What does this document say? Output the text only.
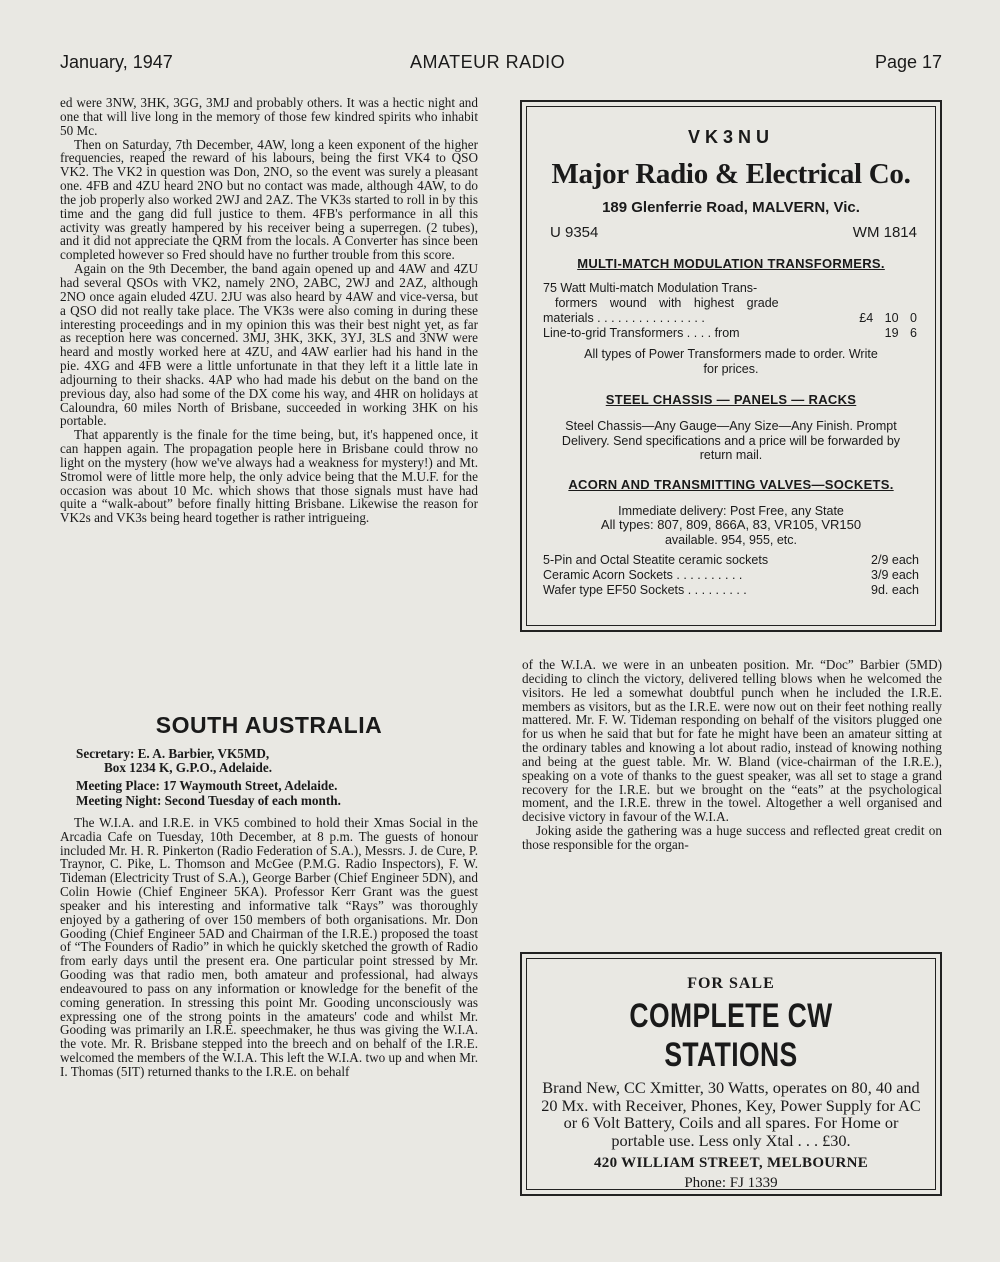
January, 1947	AMATEUR RADIO	Page 17

ed were 3NW, 3HK, 3GG, 3MJ and probably others. It was a hectic night and one that will live long in the memory of those few kindred spirits who inhabit 50 Mc.

Then on Saturday, 7th December, 4AW, long a keen exponent of the higher frequencies, reaped the reward of his labours, being the first VK4 to QSO VK2. The VK2 in question was Don, 2NO, so the event was surely a pleasant one. 4FB and 4ZU heard 2NO but no contact was made, although 4AW, to do the job properly also worked 2WJ and 2AZ. The VK3s started to roll in by this time and the gang did full justice to them. 4FB's performance in all this activity was greatly hampered by his receiver being a superregen. (2 tubes), and it did not appreciate the QRM from the locals. A Converter has since been completed however so Fred should have no further trouble from this score.

Again on the 9th December, the band again opened up and 4AW and 4ZU had several QSOs with VK2, namely 2NO, 2ABC, 2WJ and 2AZ, although 2NO once again eluded 4ZU. 2JU was also heard by 4AW and vice-versa, but a QSO did not really take place. The VK3s were also coming in during these interesting proceedings and in my opinion this was their best night yet, as far as reception here was concerned. 3MJ, 3HK, 3KK, 3YJ, 3LS and 3NW were heard and mostly worked here at 4ZU, and 4AW earlier had his hand in the pie. 4XG and 4FB were a little unfortunate in that they left it a little late in adjourning to their shacks. 4AP who had made his debut on the band on the previous day, also had some of the DX come his way, and 4HR on holidays at Caloundra, 60 miles North of Brisbane, succeeded in working 3HK on his portable.

That apparently is the finale for the time being, but, it's happened once, it can happen again. The propagation people here in Brisbane could throw no light on the mystery (how we've always had a weakness for mystery!) and Mt. Stromol were of little more help, the only advice being that the M.U.F. for the occasion was about 10 Mc. which shows that those signals must have had quite a “walk-about” before finally hitting Brisbane. Likewise the reason for VK2s and VK3s being heard together is rather intrigueing.

SOUTH AUSTRALIA
Secretary: E. A. Barbier, VK5MD,
Box 1234 K, G.P.O., Adelaide.
Meeting Place: 17 Waymouth Street, Adelaide.
Meeting Night: Second Tuesday of each month.

The W.I.A. and I.R.E. in VK5 combined to hold their Xmas Social in the Arcadia Cafe on Tuesday, 10th December, at 8 p.m. The guests of honour included Mr. H. R. Pinkerton (Radio Federation of S.A.), Messrs. J. de Cure, P. Traynor, C. Pike, L. Thomson and McGee (P.M.G. Radio Inspectors), F. W. Tideman (Electricity Trust of S.A.), George Barber (Chief Engineer 5DN), and Colin Howie (Chief Engineer 5KA). Professor Kerr Grant was the guest speaker and his interesting and informative talk “Rays” was thoroughly enjoyed by a gathering of over 150 members of both organisations. Mr. Don Gooding (Chief Engineer 5AD and Chairman of the I.R.E.) proposed the toast of “The Founders of Radio” in which he quickly sketched the growth of Radio from early days until the present era. One particular point stressed by Mr. Gooding was that radio men, both amateur and professional, had always endeavoured to pass on any information or knowledge for the benefit of the coming generation. In stressing this point Mr. Gooding unconsciously was expressing one of the strong points in the amateurs' code and whilst Mr. Gooding was primarily an I.R.E. speechmaker, he thus was giving the W.I.A. the vote. Mr. R. Brisbane stepped into the breech and on behalf of the I.R.E. welcomed the members of the W.I.A. This left the W.I.A. two up and when Mr. I. Thomas (5IT) returned thanks to the I.R.E. on behalf

VK3NU
Major Radio & Electrical Co.
189 Glenferrie Road, MALVERN, Vic.
U 9354	WM 1814
MULTI-MATCH MODULATION TRANSFORMERS.
75 Watt Multi-match Modulation Trans-
formers wound with highest grade
materials . . . . . . . . . . . . . . . .	£4 10 0
Line-to-grid Transformers . . . . from	19 6
All types of Power Transformers made to order. Write for prices.
STEEL CHASSIS — PANELS — RACKS
Steel Chassis—Any Gauge—Any Size—Any Finish. Prompt Delivery. Send specifications and a price will be forwarded by return mail.
ACORN AND TRANSMITTING VALVES—SOCKETS.
Immediate delivery: Post Free, any State
All types: 807, 809, 866A, 83, VR105, VR150
available. 954, 955, etc.
5-Pin and Octal Steatite ceramic sockets	2/9 each
Ceramic Acorn Sockets . . . . . . . . . .	3/9 each
Wafer type EF50 Sockets . . . . . . . . .	9d. each

of the W.I.A. we were in an unbeaten position. Mr. “Doc” Barbier (5MD) deciding to clinch the victory, delivered telling blows when he welcomed the visitors. He led a somewhat doubtful punch when he included the I.R.E. members as visitors, but as the I.R.E. were now out on their feet nothing really mattered. Mr. F. W. Tideman responding on behalf of the visitors plugged one for us when he said that but for fate he might have been an amateur sitting at the ordinary tables and knowing a lot about radio, instead of knowing nothing and being at the guest table. Mr. W. Bland (vice-chairman of the I.R.E.), speaking on a vote of thanks to the guest speaker, was all set to stage a grand recovery for the I.R.E. but we brought on the “eats” at the psychological moment, and the I.R.E. threw in the towel. Altogether a well organised and decisive victory in favour of the W.I.A.

Joking aside the gathering was a huge success and reflected great credit on those responsible for the organ-

FOR SALE
COMPLETE CW STATIONS
Brand New, CC Xmitter, 30 Watts, operates on 80, 40 and 20 Mx. with Receiver, Phones, Key, Power Supply for AC or 6 Volt Battery, Coils and all spares. For Home or portable use. Less only Xtal . . . £30.
420 WILLIAM STREET, MELBOURNE
Phone: FJ 1339
